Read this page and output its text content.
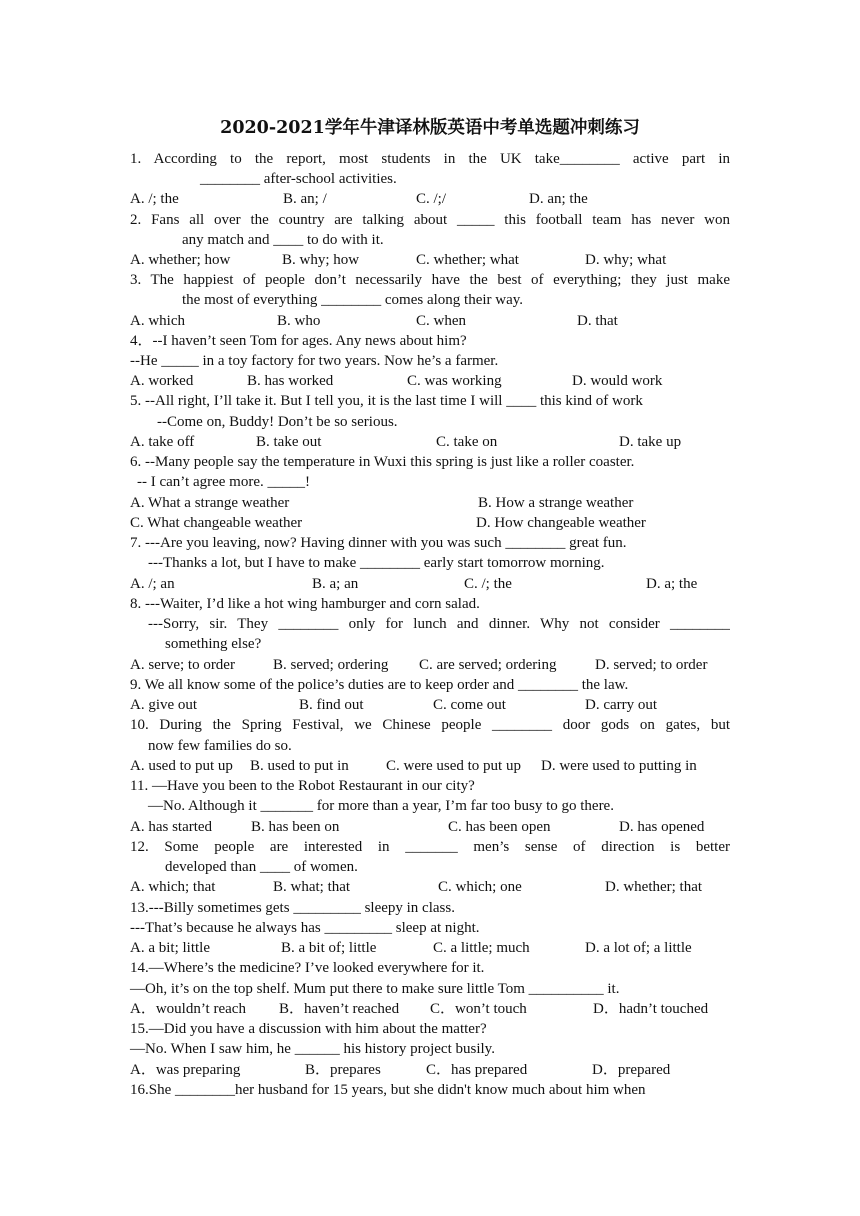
2020-2021学年牛津译林版英语中考单选题冲刺练习
1. According to the report, most students in the UK take________ active part in
________ after-school activities.
A. /; the	B. an; /	C. /;/	D. an; the
2. Fans all over the country are talking about _____ this football team has never won
any match and ____ to do with it.
A. whether; how	B. why; how	C. whether; what	D. why; what
3. The happiest of people don’t necessarily have the best of everything; they just make
the most of everything ________ comes along their way.
A. which	B. who	C. when	D. that
4．--I haven’t seen Tom for ages. Any news about him?
--He _____ in a toy factory for two years. Now he’s a farmer.
A. worked	B. has worked	C. was working	D. would work
5. --All right, I’ll take it. But I tell you, it is the last time I will ____ this kind of work
--Come on, Buddy! Don’t be so serious.
A. take off	B. take out	C. take on	D. take up
6. --Many people say the temperature in Wuxi this spring is just like a roller coaster.
-- I can’t agree more. _____!
A. What a strange weather	B. How a strange weather
C. What changeable weather	D. How changeable weather
7. ---Are you leaving, now? Having dinner with you was such ________ great fun.
---Thanks a lot, but I have to make ________ early start tomorrow morning.
A. /; an	B. a; an	C. /; the	D. a; the
8. ---Waiter, I’d like a hot wing hamburger and corn salad.
---Sorry, sir. They ________ only for lunch and dinner. Why not consider ________
something else?
A. serve; to order	B. served; ordering C. are served; ordering	D. served; to order
9. We all know some of the police’s duties are to keep order and ________ the law.
A. give out	B. find out	C. come out	D. carry out
10. During the Spring Festival, we Chinese people ________ door gods on gates, but
now few families do so.
A. used to put up B. used to put in C. were used to put up D. were used to putting in
11. —Have you been to the Robot Restaurant in our city?
—No. Although it _______ for more than a year, I’m far too busy to go there.
A. has started	B. has been on	C. has been open	D. has opened
12. Some people are interested in _______ men’s sense of direction is better
developed than ____ of women.
A. which; that	B. what; that	C. which; one	D. whether; that
13.---Billy sometimes gets _________ sleepy in class.
---That’s because he always has _________ sleep at night.
A. a bit; little	B. a bit of; little	C. a little; much	D. a lot of; a little
14.—Where’s the medicine? I’ve looked everywhere for it.
—Oh, it’s on the top shelf. Mum put there to make sure little Tom __________ it.
A．wouldn’t reach B．haven’t reached C．won’t touch	D．hadn’t touched
15.—Did you have a discussion with him about the matter?
—No. When I saw him, he ______ his history project busily.
A．was preparing	B．prepares	C．has prepared	D．prepared
16.She ________her husband for 15 years, but she didn't know much about him when
